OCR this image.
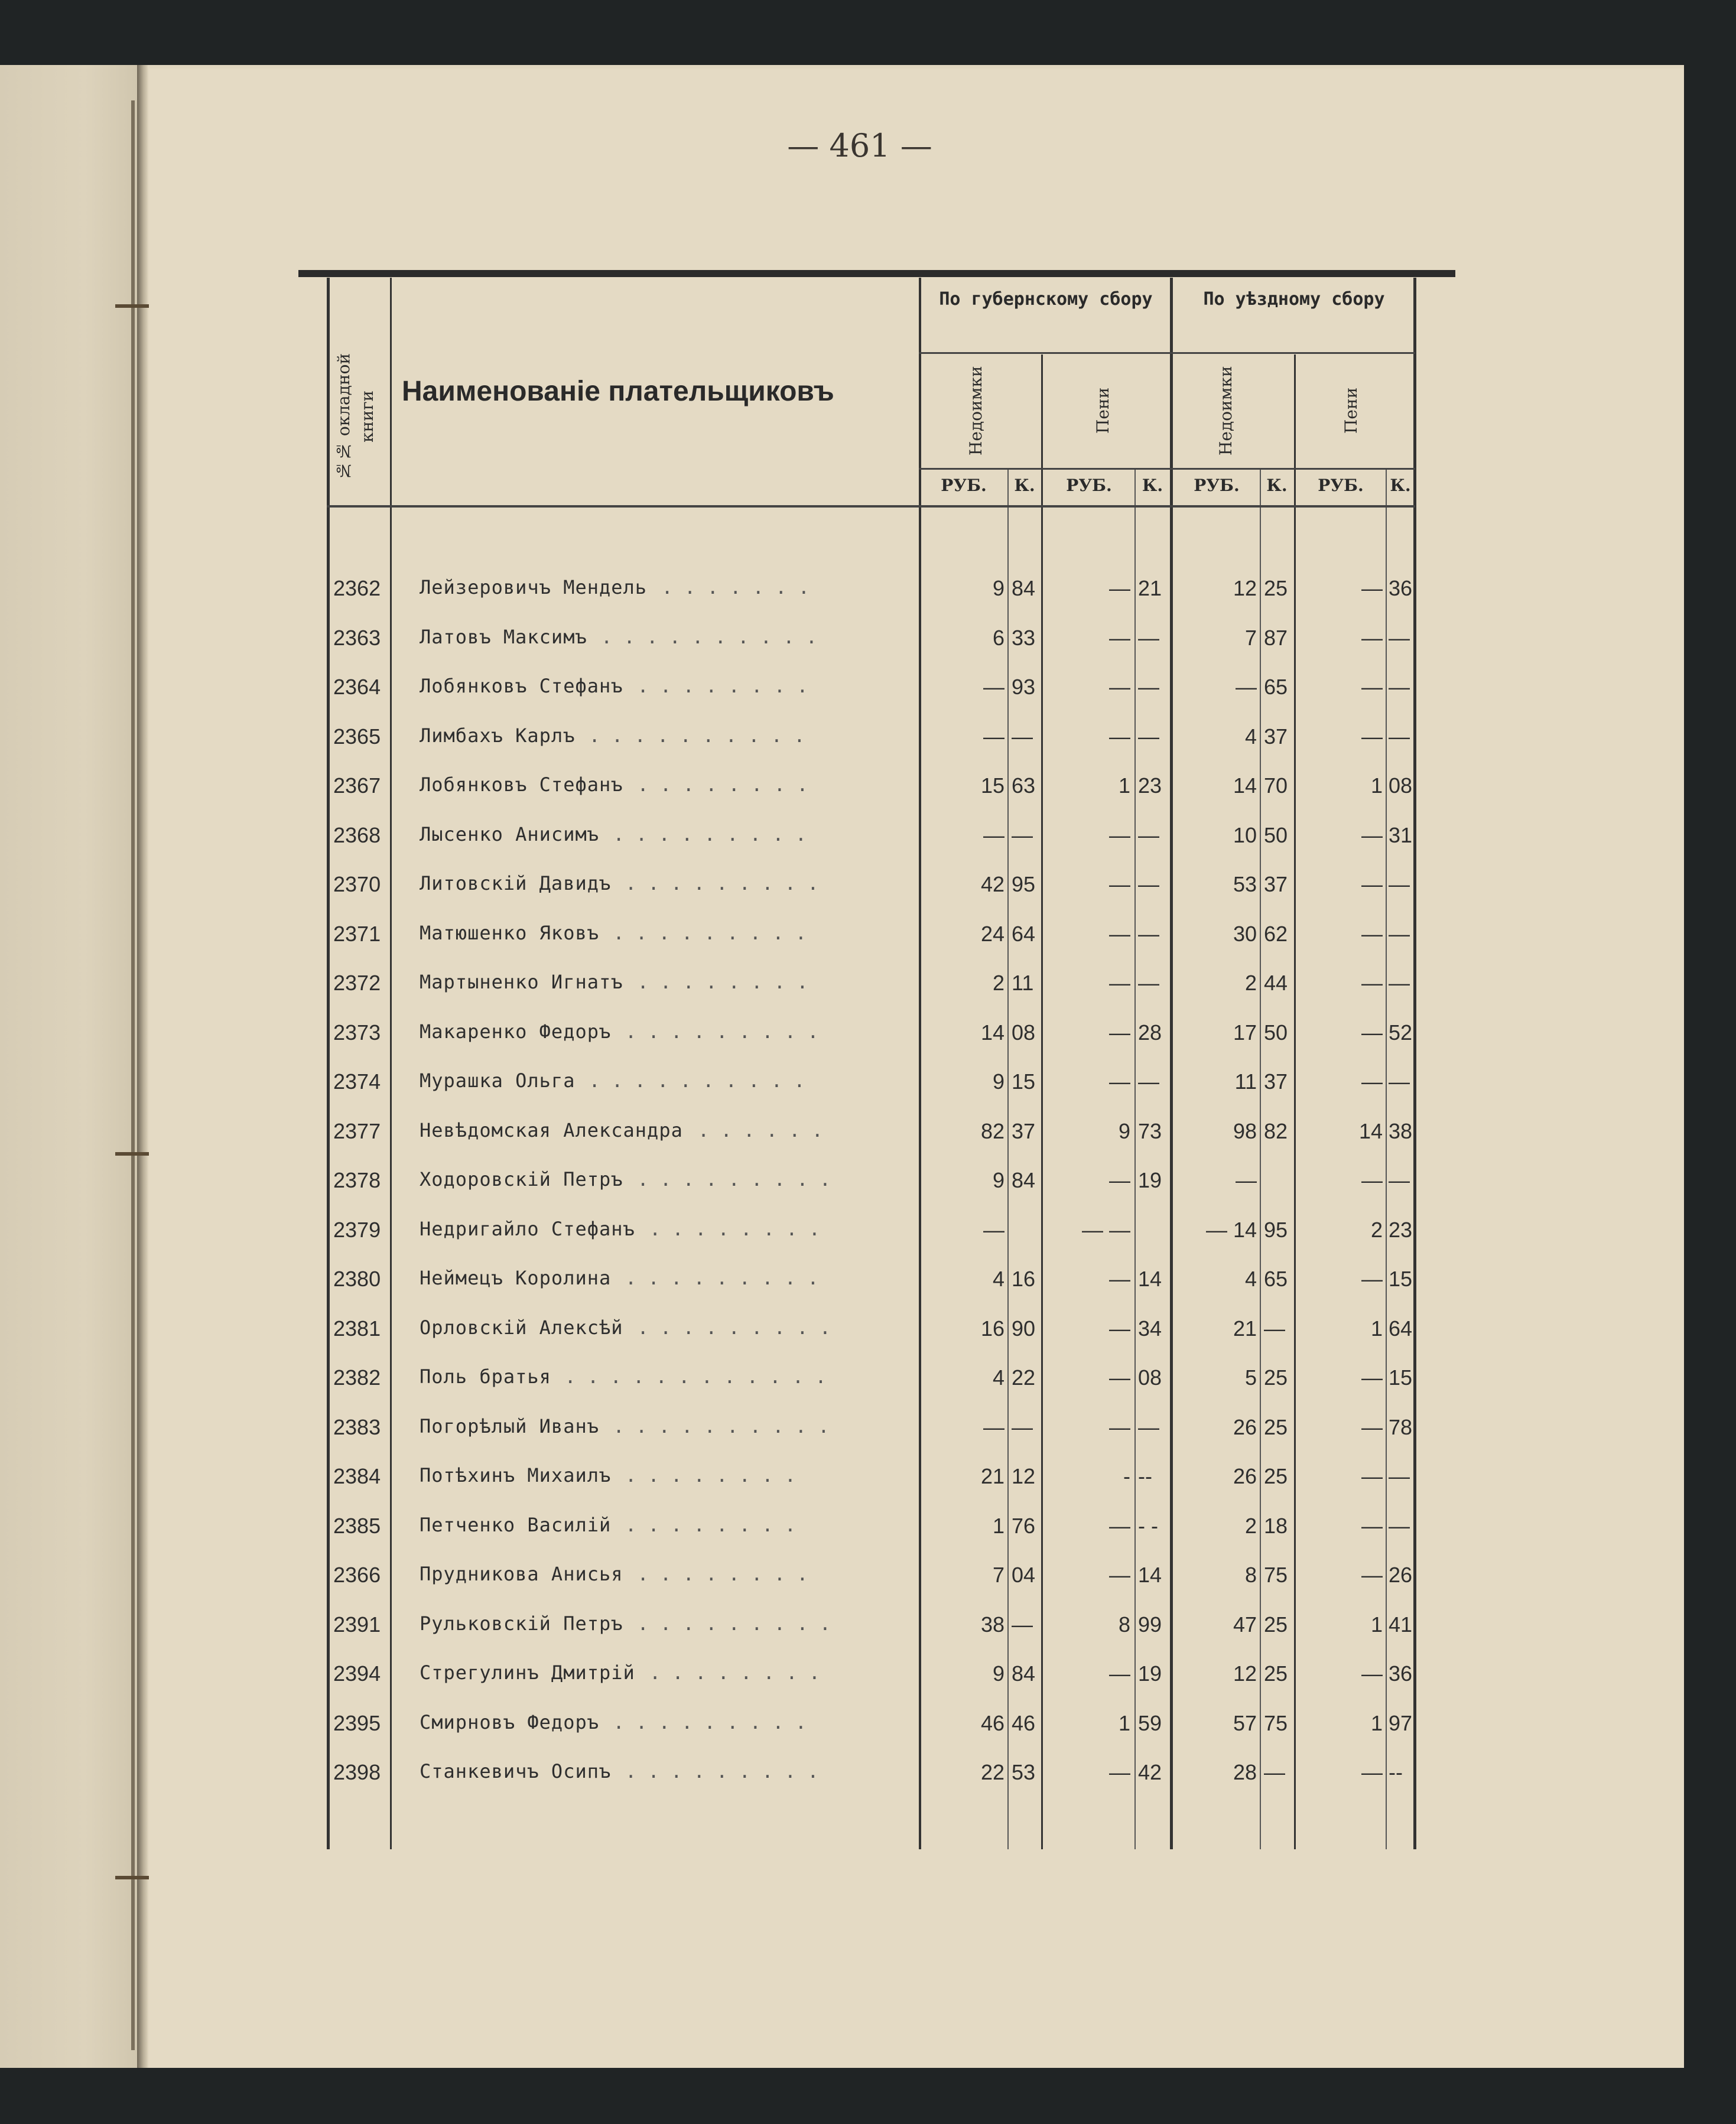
— 461 —
№№ окладной книги Наименованіе плательщиковъ
По губернскому сбору	По уѣздному сбору
Недоимки	Пени	Недоимки	Пени
РУБ.	К.	РУБ.	К.	РУБ.	К.	РУБ.	К.
2362 Лейзеровичъ Мендель . . . . . . .	9 84	— 21	12 25	— 36
2363 Латовъ Максимъ . . . . . . . . . .	6 33	— —	7 87	— —
2364 Лобянковъ Стефанъ . . . . . . . .	— 93	— —	— 65	— —
2365 Лимбахъ Карлъ . . . . . . . . . .	— —	— —	4 37	— —
2367 Лобянковъ Стефанъ . . . . . . . .	15 63	1 23	14 70	1 08
2368 Лысенко Анисимъ . . . . . . . . .	— —	— —	10 50	— 31
2370 Литовскій Давидъ . . . . . . . . .	42 95	— —	53 37	— —
2371 Матюшенко Яковъ . . . . . . . . .	24 64	— —	30 62	— —
2372 Мартыненко Игнатъ . . . . . . . .	2 11	— —	2 44	— —
2373 Макаренко Федоръ . . . . . . . . .	14 08	— 28	17 50	— 52
2374 Мурашка Ольга . . . . . . . . . .	9 15	— —	11 37	— —
2377 Невѣдомская Александра . . . . . .	82 37	9 73	98 82	14 38
2378 Ходоровскій Петръ . . . . . . . . .	9 84	— 19	—	— —
2379 Недригайло Стефанъ . . . . . . . .	—	— —	— 14 95	2 23
2380 Неймецъ Королина . . . . . . . . .	4 16	— 14	4 65	— 15
2381 Орловскій Алексѣй . . . . . . . . .	16 90	— 34	21 —	1 64
2382 Поль братья . . . . . . . . . . . .	4 22	— 08	5 25	— 15
2383 Погорѣлый Иванъ . . . . . . . . . .	— —	— —	26 25	— 78
2384 Потѣхинъ Михаилъ . . . . . . . .	21 12	- --	26 25	— —
2385 Петченко Василій . . . . . . . .	1 76	— - -	2 18	— —
2366 Прудникова Анисья . . . . . . . .	7 04	— 14	8 75	— 26
2391 Рульковскій Петръ . . . . . . . . .	38 —	8 99	47 25	1 41
2394 Стрегулинъ Дмитрій . . . . . . . .	9 84	— 19	12 25	— 36
2395 Смирновъ Федоръ . . . . . . . . .	46 46	1 59	57 75	1 97
2398 Станкевичъ Осипъ . . . . . . . . .	22 53	— 42	28 —	— --
